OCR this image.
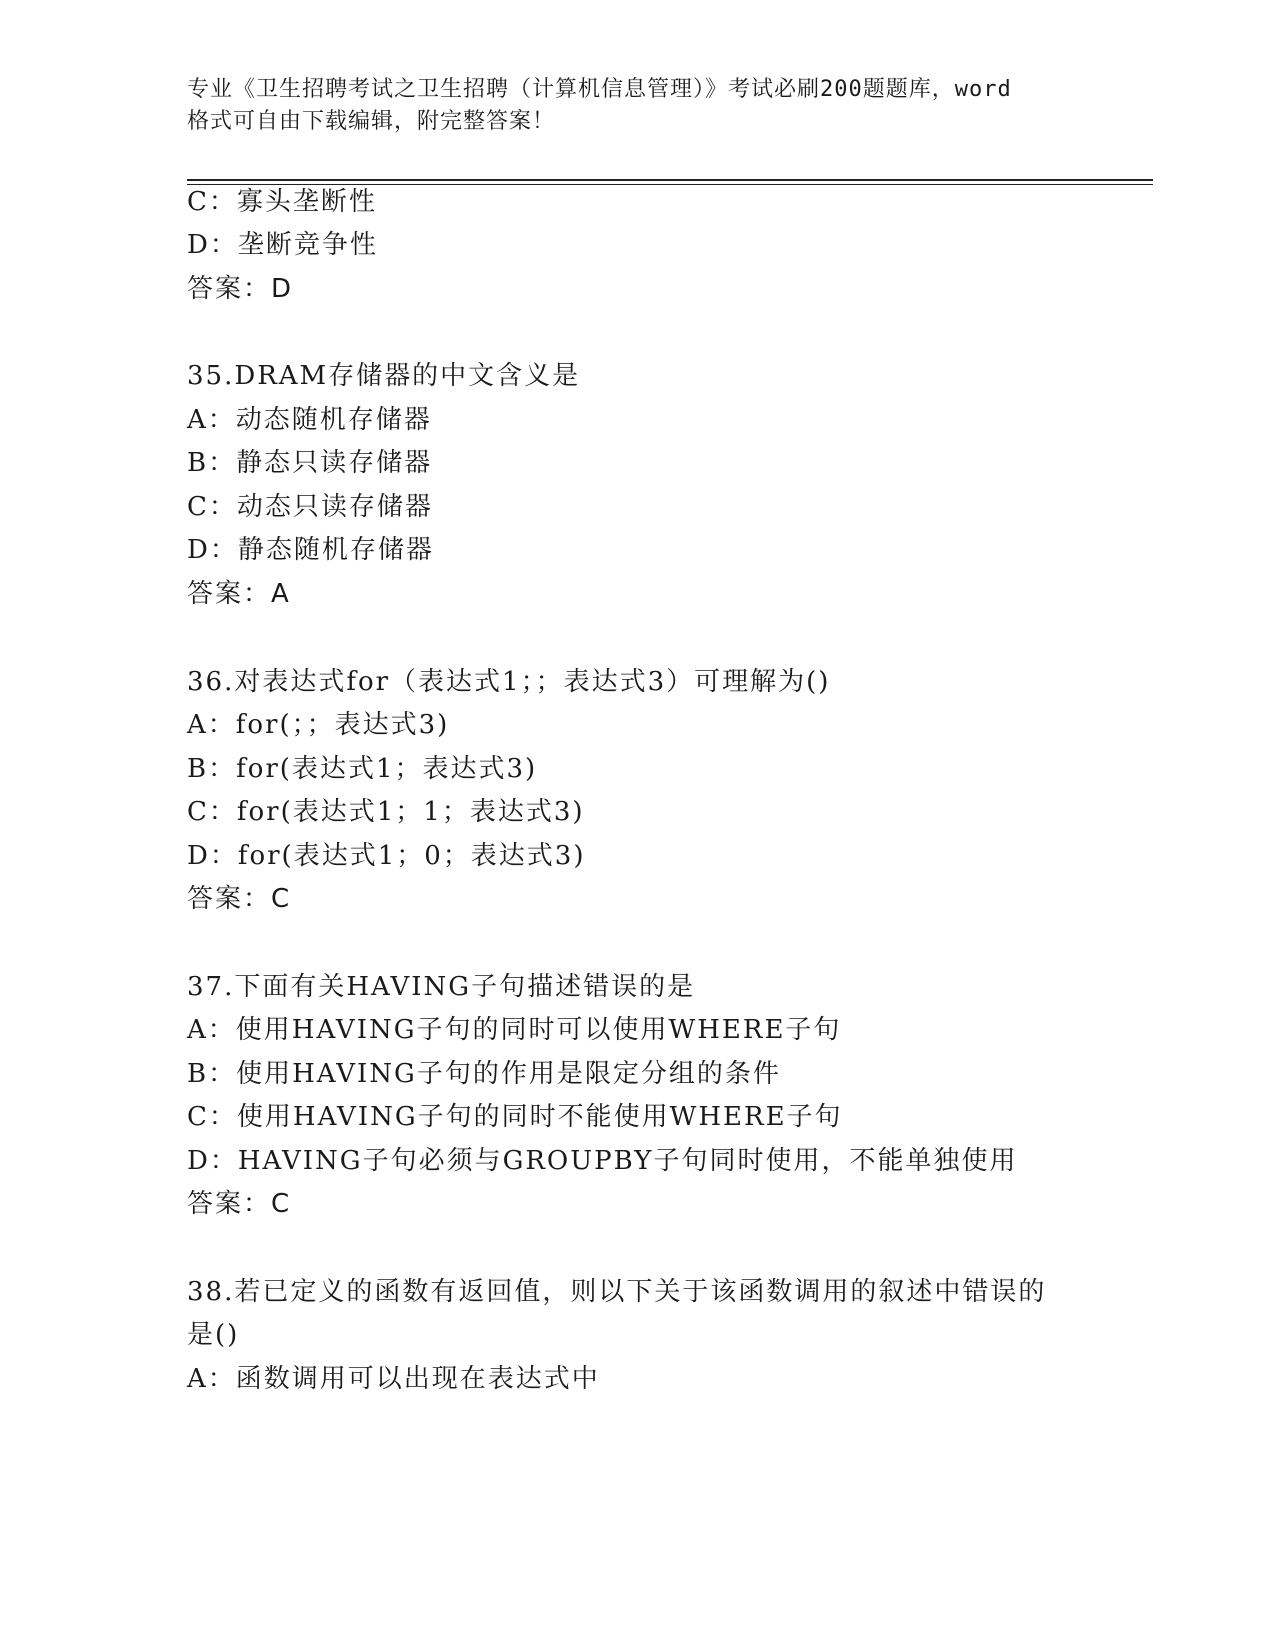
专业《卫生招聘考试之卫生招聘（计算机信息管理）》考试必刷200题题库，word
格式可自由下载编辑，附完整答案！
C：寡头垄断性
D：垄断竞争性
答案：D
35.DRAM存储器的中文含义是
A：动态随机存储器
B：静态只读存储器
C：动态只读存储器
D：静态随机存储器
答案：A
36.对表达式for（表达式1；；表达式3）可理解为()
A：for(；；表达式3)
B：for(表达式1；表达式3)
C：for(表达式1；1；表达式3)
D：for(表达式1；0；表达式3)
答案：C
37.下面有关HAVING子句描述错误的是
A：使用HAVING子句的同时可以使用WHERE子句
B：使用HAVING子句的作用是限定分组的条件
C：使用HAVING子句的同时不能使用WHERE子句
D：HAVING子句必须与GROUPBY子句同时使用，不能单独使用
答案：C
38.若已定义的函数有返回值，则以下关于该函数调用的叙述中错误的
是()
A：函数调用可以出现在表达式中
